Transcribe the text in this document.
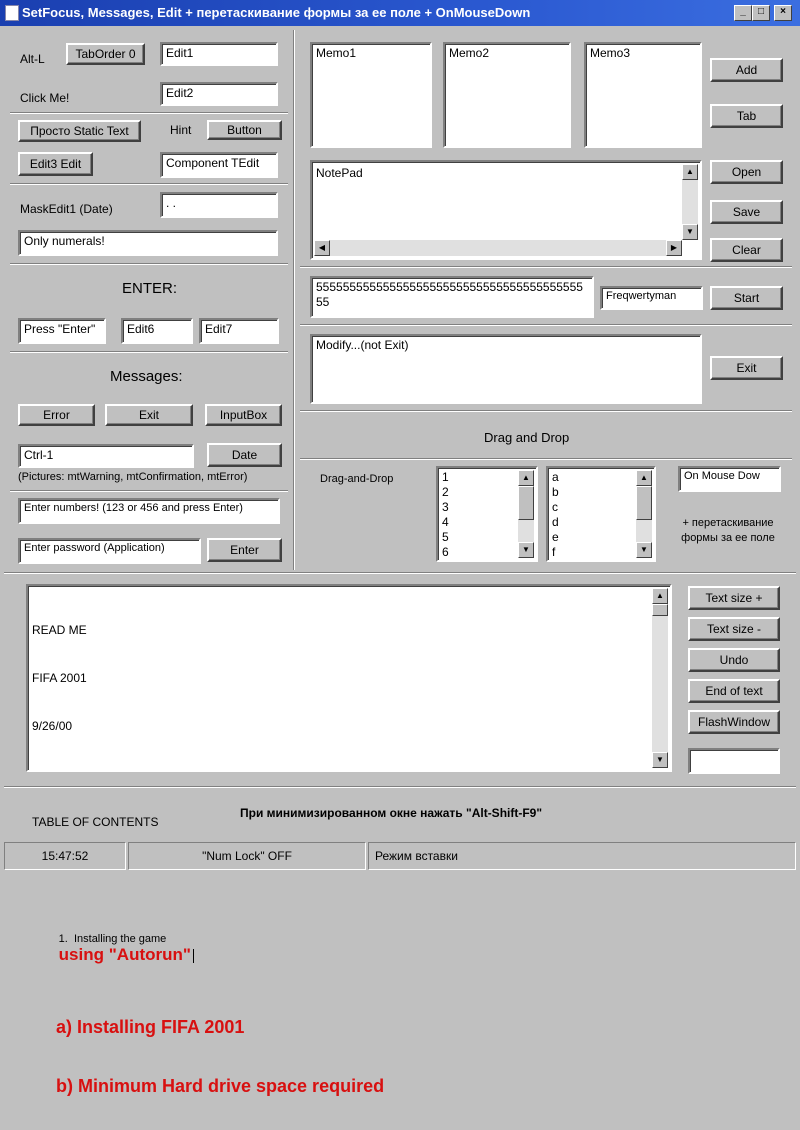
SetFocus, Messages, Edit + перетаскивание формы за ее поле + OnMouseDown	_	□	×
Alt-L	TabOrder 0	Edit1
Click Me!	Edit2
Просто Static Text	Hint	Button
Edit3 Edit	Component TEdit
MaskEdit1 (Date)	. .
Only numerals!
ENTER:
Press "Enter"	Edit6	Edit7
Messages:
Error	Exit	InputBox
Ctrl-1	Date
(Pictures: mtWarning, mtConfirmation, mtError)
Enter numbers! (123 or 456 and press Enter)
Enter password (Application)	Enter
Memo1	Memo2	Memo3
Add
Tab
NotePad	▲
▼
◀	▶
Open
Save
Clear
5555555555555555555555555555555555555555 55	Freqwertyman	Start
Modify...(not Exit)
Exit
Drag and Drop
Drag-and-Drop	1
2
3
4
5
6
▲
▼
a
b
c
d
e
f
▲
▼
On Mouse Dow
+ перетаскивание формы за ее поле

READ ME

FIFA 2001

9/26/00

TABLE OF CONTENTS

1.  Installing the game
using "Autorun"

a) Installing FIFA 2001

b) Minimum Hard drive space required

▲
▼
Text size +
Text size -
Undo
End of text
FlashWindow
При минимизированном окне нажать "Alt-Shift-F9"
15:47:52	"Num Lock" OFF	Режим вставки
